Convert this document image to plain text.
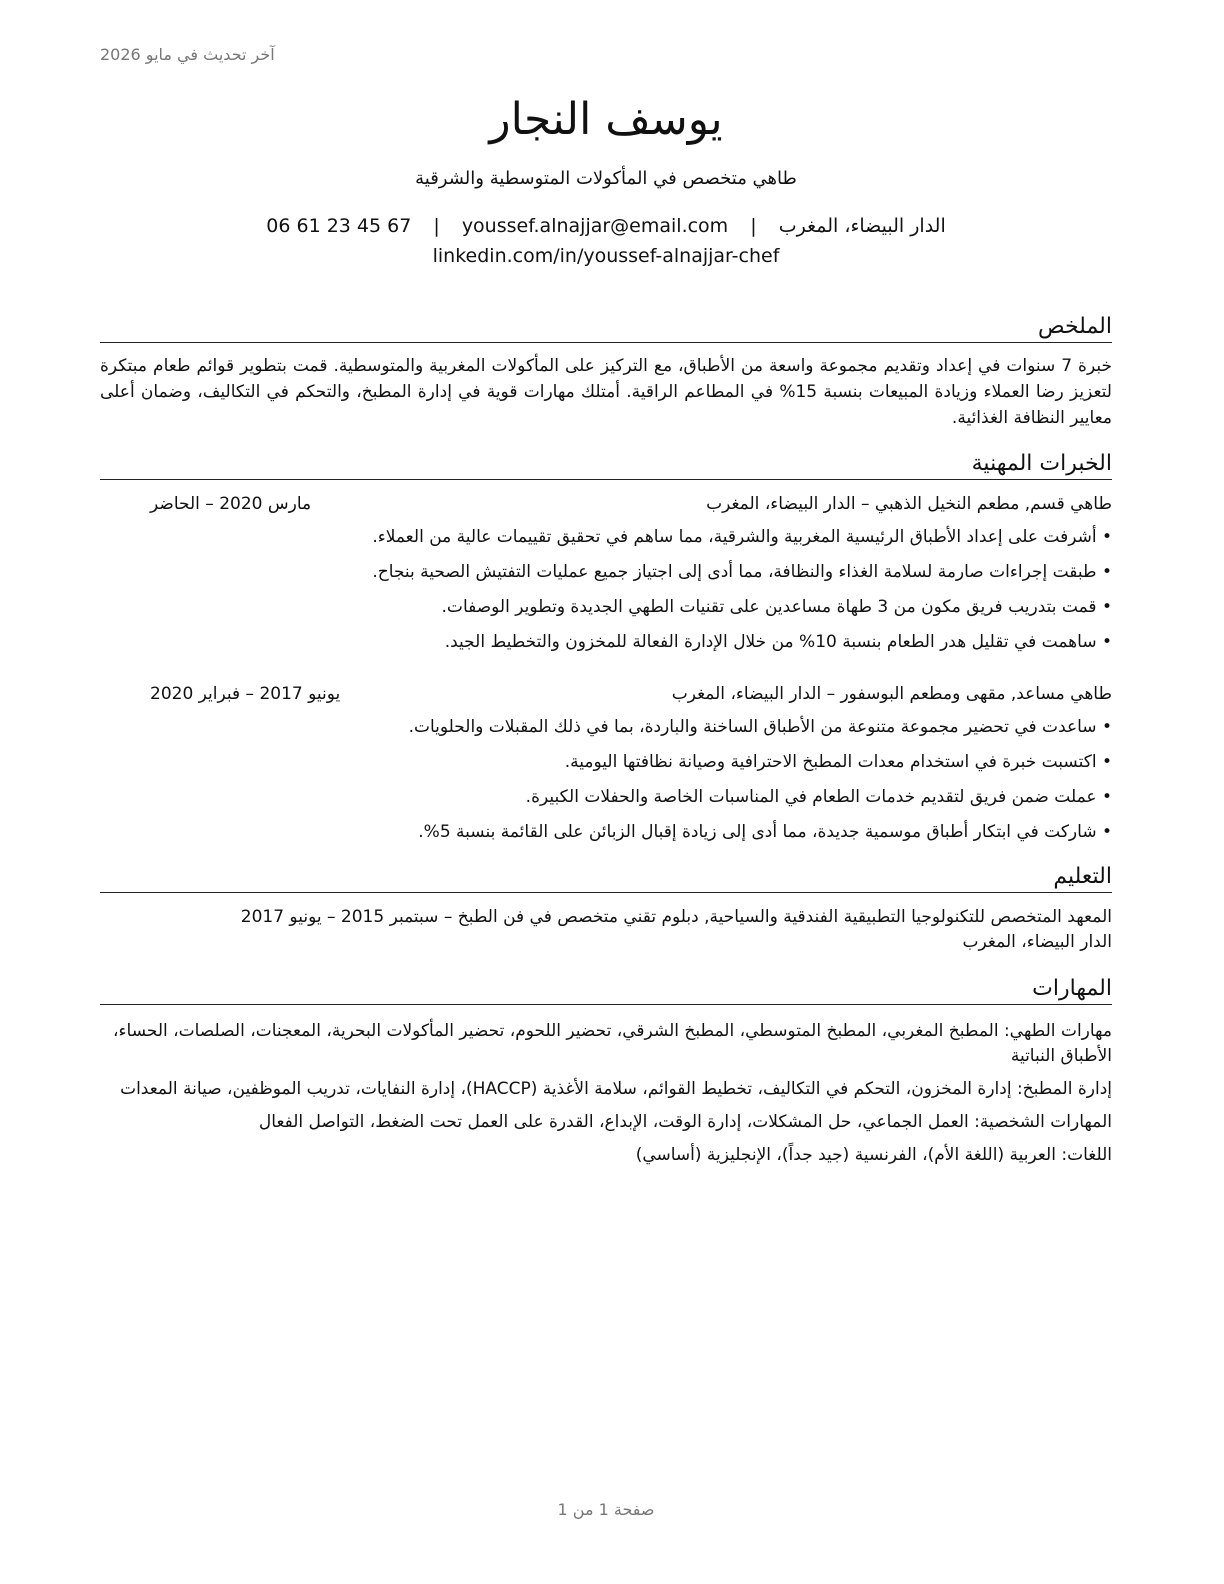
آخر تحديث في مايو 2026
يوسف النجار
طاهي متخصص في المأكولات المتوسطية والشرقية
06 61 23 45 67 | youssef.alnajjar@email.com | الدار البيضاء، المغرب
linkedin.com/in/youssef-alnajjar-chef
الملخص
خبرة 7 سنوات في إعداد وتقديم مجموعة واسعة من الأطباق، مع التركيز على المأكولات المغربية والمتوسطية. قمت بتطوير قوائم طعام مبتكرة لتعزيز رضا العملاء وزيادة المبيعات بنسبة 15% في المطاعم الراقية. أمتلك مهارات قوية في إدارة المطبخ، والتحكم في التكاليف، وضمان أعلى معايير النظافة الغذائية.
الخبرات المهنية
طاهي قسم, مطعم النخيل الذهبي – الدار البيضاء، المغرب
مارس 2020 – الحاضر
• أشرفت على إعداد الأطباق الرئيسية المغربية والشرقية، مما ساهم في تحقيق تقييمات عالية من العملاء.
• طبقت إجراءات صارمة لسلامة الغذاء والنظافة، مما أدى إلى اجتياز جميع عمليات التفتيش الصحية بنجاح.
• قمت بتدريب فريق مكون من 3 طهاة مساعدين على تقنيات الطهي الجديدة وتطوير الوصفات.
• ساهمت في تقليل هدر الطعام بنسبة 10% من خلال الإدارة الفعالة للمخزون والتخطيط الجيد.
طاهي مساعد, مقهى ومطعم البوسفور – الدار البيضاء، المغرب
يونيو 2017 – فبراير 2020
• ساعدت في تحضير مجموعة متنوعة من الأطباق الساخنة والباردة، بما في ذلك المقبلات والحلويات.
• اكتسبت خبرة في استخدام معدات المطبخ الاحترافية وصيانة نظافتها اليومية.
• عملت ضمن فريق لتقديم خدمات الطعام في المناسبات الخاصة والحفلات الكبيرة.
• شاركت في ابتكار أطباق موسمية جديدة، مما أدى إلى زيادة إقبال الزبائن على القائمة بنسبة 5%.
التعليم
المعهد المتخصص للتكنولوجيا التطبيقية الفندقية والسياحية, دبلوم تقني متخصص في فن الطبخ – سبتمبر 2015 – يونيو 2017
الدار البيضاء، المغرب
المهارات
مهارات الطهي: المطبخ المغربي، المطبخ المتوسطي، المطبخ الشرقي، تحضير اللحوم، تحضير المأكولات البحرية، المعجنات، الصلصات، الحساء، الأطباق النباتية
إدارة المطبخ: إدارة المخزون، التحكم في التكاليف، تخطيط القوائم، سلامة الأغذية (HACCP)، إدارة النفايات، تدريب الموظفين، صيانة المعدات
المهارات الشخصية: العمل الجماعي، حل المشكلات، إدارة الوقت، الإبداع، القدرة على العمل تحت الضغط، التواصل الفعال
اللغات: العربية (اللغة الأم)، الفرنسية (جيد جداً)، الإنجليزية (أساسي)
صفحة 1 من 1
